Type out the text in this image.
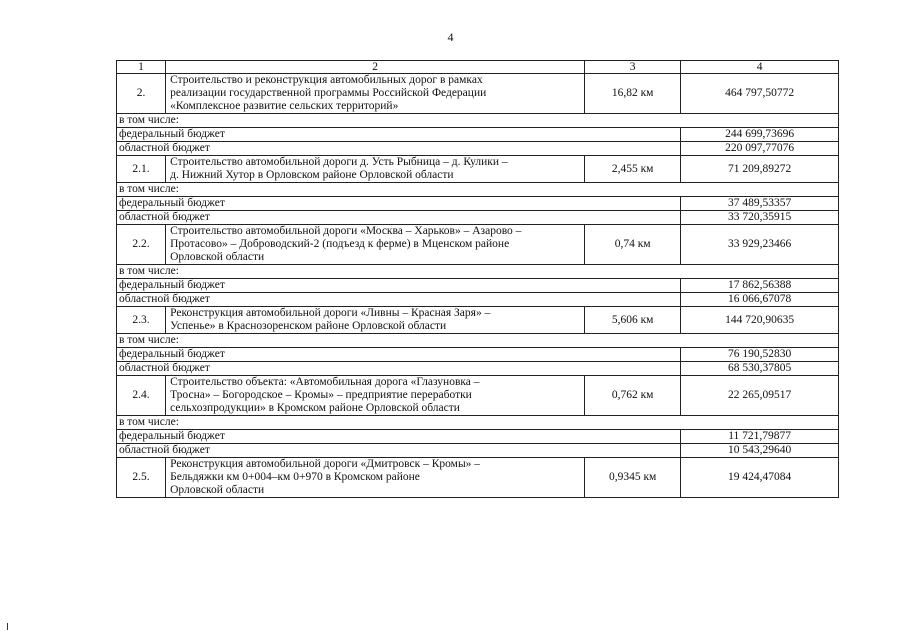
4
1	2	3	4
2.	Строительство и реконструкция автомобильных дорог в рамках
реализации государственной программы Российской Федерации
«Комплексное развитие сельских территорий»	16,82 км	464 797,50772
в том числе:			
федеральный бюджет			244 699,73696
областной бюджет			220 097,77076
2.1.	Строительство автомобильной дороги д. Усть Рыбница – д. Кулики –
д. Нижний Хутор в Орловском районе Орловской области	2,455 км	71 209,89272
в том числе:			
федеральный бюджет			37 489,53357
областной бюджет			33 720,35915
2.2.	Строительство автомобильной дороги «Москва – Харьков» – Азарово –
Протасово» – Доброводский-2 (подъезд к ферме) в Мценском районе
Орловской области	0,74 км	33 929,23466
в том числе:			
федеральный бюджет			17 862,56388
областной бюджет			16 066,67078
2.3.	Реконструкция автомобильной дороги «Ливны – Красная Заря» –
Успенье» в Краснозоренском районе Орловской области	5,606 км	144 720,90635
в том числе:			
федеральный бюджет			76 190,52830
областной бюджет			68 530,37805
2.4.	Строительство объекта: «Автомобильная дорога «Глазуновка –
Тросна» – Богородское – Кромы» – предприятие переработки
сельхозпродукции» в Кромском районе Орловской области	0,762 км	22 265,09517
в том числе:			
федеральный бюджет			11 721,79877
областной бюджет			10 543,29640
2.5.	Реконструкция автомобильной дороги «Дмитровск – Кромы» –
Бельдяжки км 0+004–км 0+970 в Кромском районе
Орловской области	0,9345 км	19 424,47084
